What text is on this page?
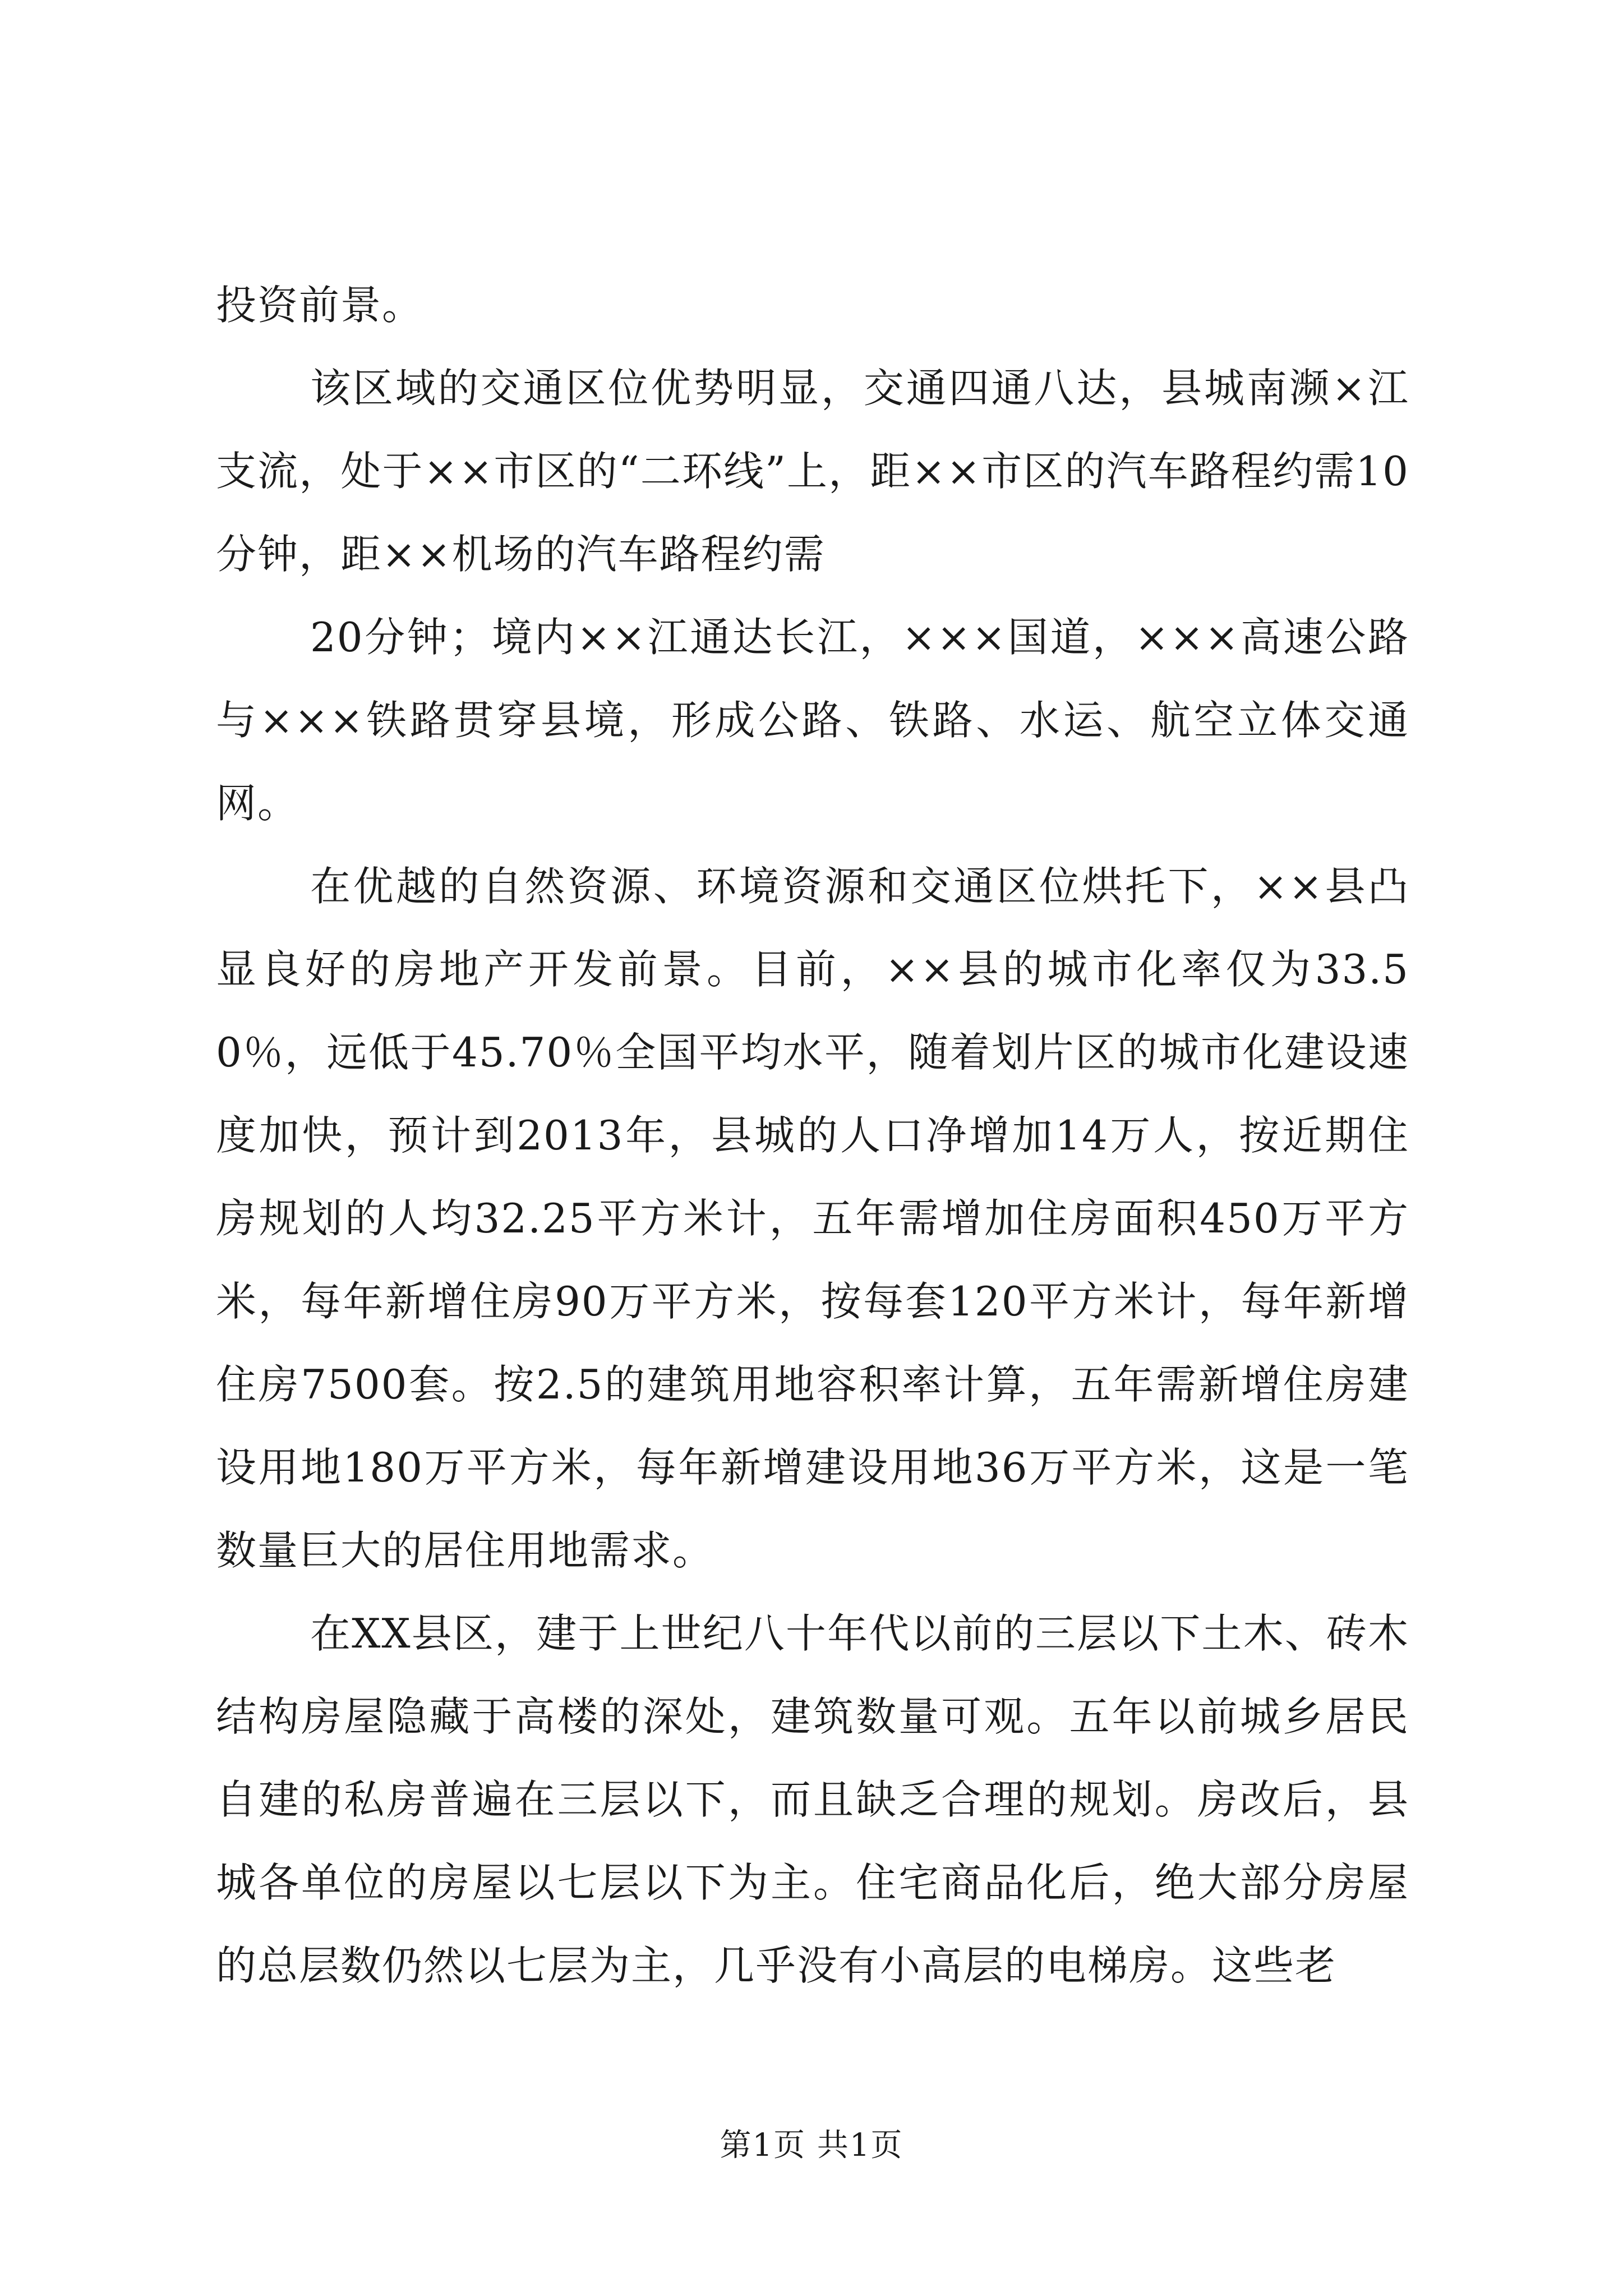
投资前景。

该区域的交通区位优势明显，交通四通八达，县城南濒×江支流，处于××市区的“二环线”上，距××市区的汽车路程约需10分钟，距××机场的汽车路程约需

20分钟；境内××江通达长江，×××国道，×××高速公路与×××铁路贯穿县境，形成公路、铁路、水运、航空立体交通网。

在优越的自然资源、环境资源和交通区位烘托下，××县凸显良好的房地产开发前景。目前，××县的城市化率仅为33.50％，远低于45.70％全国平均水平，随着划片区的城市化建设速度加快，预计到2013年，县城的人口净增加14万人，按近期住房规划的人均32.25平方米计，五年需增加住房面积450万平方米，每年新增住房90万平方米，按每套120平方米计，每年新增住房7500套。按2.5的建筑用地容积率计算，五年需新增住房建设用地180万平方米，每年新增建设用地36万平方米，这是一笔数量巨大的居住用地需求。

在XX县区，建于上世纪八十年代以前的三层以下土木、砖木结构房屋隐藏于高楼的深处，建筑数量可观。五年以前城乡居民自建的私房普遍在三层以下，而且缺乏合理的规划。房改后，县城各单位的房屋以七层以下为主。住宅商品化后，绝大部分房屋的总层数仍然以七层为主，几乎没有小高层的电梯房。这些老

第1页 共1页
